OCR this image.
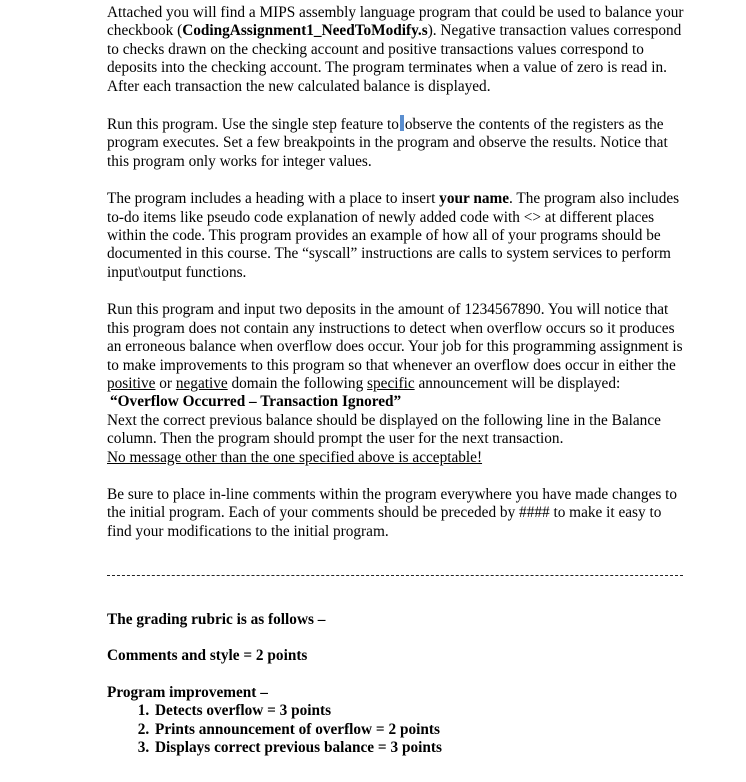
Attached you will find a MIPS assembly language program that could be used to balance your checkbook (CodingAssignment1_NeedToModify.s). Negative transaction values correspond to checks drawn on the checking account and positive transactions values correspond to deposits into the checking account. The program terminates when a value of zero is read in. After each transaction the new calculated balance is displayed.

Run this program. Use the single step feature to observe the contents of the registers as the program executes. Set a few breakpoints in the program and observe the results. Notice that this program only works for integer values.

The program includes a heading with a place to insert your name. The program also includes to-do items like pseudo code explanation of newly added code with <> at different places within the code. This program provides an example of how all of your programs should be documented in this course. The “syscall” instructions are calls to system services to perform input\output functions.

Run this program and input two deposits in the amount of 1234567890. You will notice that this program does not contain any instructions to detect when overflow occurs so it produces an erroneous balance when overflow does occur. Your job for this programming assignment is to make improvements to this program so that whenever an overflow does occur in either the positive or negative domain the following specific announcement will be displayed:

“Overflow Occurred – Transaction Ignored”

Next the correct previous balance should be displayed on the following line in the Balance column. Then the program should prompt the user for the next transaction.

No message other than the one specified above is acceptable!

Be sure to place in-line comments within the program everywhere you have made changes to the initial program. Each of your comments should be preceded by #### to make it easy to find your modifications to the initial program.

The grading rubric is as follows –

Comments and style = 2 points

Program improvement –

1. Detects overflow = 3 points
2. Prints announcement of overflow = 2 points
3. Displays correct previous balance = 3 points
